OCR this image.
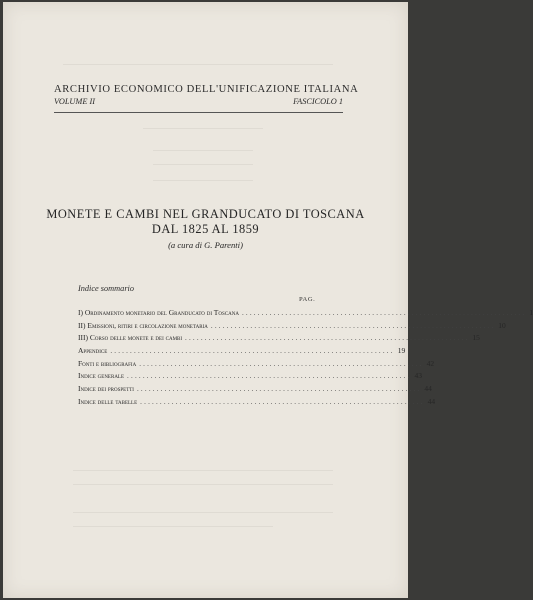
ARCHIVIO ECONOMICO DELL'UNIFICAZIONE ITALIANA
VOLUME II	FASCICOLO 1
MONETE E CAMBI NEL GRANDUCATO DI TOSCANA
DAL 1825 AL 1859
(a cura di G. Parenti)
Indice sommario
PAG.
I) Ordinamento monetario del Granducato di Toscana ........................................................................ 1
II) Emissioni, ritiri e circolazione monetaria ........................................................................ 10
III) Corso delle monete e dei cambi ........................................................................ 15
Appendice ........................................................................ 19
Fonti e bibliografia ........................................................................ 42
Indice generale ........................................................................ 43
Indice dei prospetti ........................................................................ 44
Indice delle tabelle ........................................................................ 44
